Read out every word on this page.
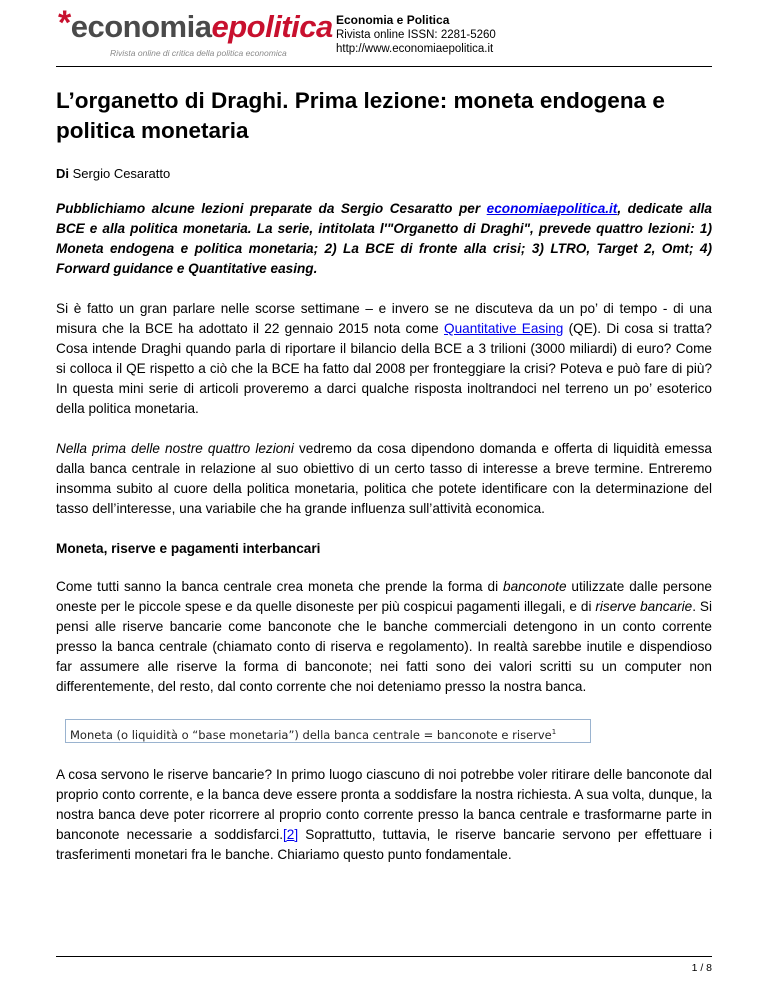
*economiaepolitica
Rivista online di critica della politica economica
Economia e Politica
Rivista online ISSN: 2281-5260
http://www.economiaepolitica.it
L’organetto di Draghi. Prima lezione: moneta endogena e politica monetaria
Di Sergio Cesaratto

Pubblichiamo alcune lezioni preparate da Sergio Cesaratto per economiaepolitica.it, dedicate alla BCE e alla politica monetaria. La serie, intitolata l'"Organetto di Draghi", prevede quattro lezioni: 1) Moneta endogena e politica monetaria; 2) La BCE di fronte alla crisi; 3) LTRO, Target 2, Omt; 4) Forward guidance e Quantitative easing.

Si è fatto un gran parlare nelle scorse settimane – e invero se ne discuteva da un po’ di tempo - di una misura che la BCE ha adottato il 22 gennaio 2015 nota come Quantitative Easing (QE). Di cosa si tratta? Cosa intende Draghi quando parla di riportare il bilancio della BCE a 3 trilioni (3000 miliardi) di euro? Come si colloca il QE rispetto a ciò che la BCE ha fatto dal 2008 per fronteggiare la crisi? Poteva e può fare di più? In questa mini serie di articoli proveremo a darci qualche risposta inoltrandoci nel terreno un po’ esoterico della politica monetaria.

Nella prima delle nostre quattro lezioni vedremo da cosa dipendono domanda e offerta di liquidità emessa dalla banca centrale in relazione al suo obiettivo di un certo tasso di interesse a breve termine. Entreremo insomma subito al cuore della politica monetaria, politica che potete identificare con la determinazione del tasso dell’interesse, una variabile che ha grande influenza sull’attività economica.

Moneta, riserve e pagamenti interbancari

Come tutti sanno la banca centrale crea moneta che prende la forma di banconote utilizzate dalle persone oneste per le piccole spese e da quelle disoneste per più cospicui pagamenti illegali, e di riserve bancarie. Si pensi alle riserve bancarie come banconote che le banche commerciali detengono in un conto corrente presso la banca centrale (chiamato conto di riserva e regolamento). In realtà sarebbe inutile e dispendioso far assumere alle riserve la forma di banconote; nei fatti sono dei valori scritti su un computer non differentemente, del resto, dal conto corrente che noi deteniamo presso la nostra banca.

Moneta (o liquidità o “base monetaria”) della banca centrale = banconote e riserve$^1$

A cosa servono le riserve bancarie? In primo luogo ciascuno di noi potrebbe voler ritirare delle banconote dal proprio conto corrente, e la banca deve essere pronta a soddisfare la nostra richiesta. A sua volta, dunque, la nostra banca deve poter ricorrere al proprio conto corrente presso la banca centrale e trasformarne parte in banconote necessarie a soddisfarci.[2] Soprattutto, tuttavia, le riserve bancarie servono per effettuare i trasferimenti monetari fra le banche. Chiariamo questo punto fondamentale.

1 / 8
